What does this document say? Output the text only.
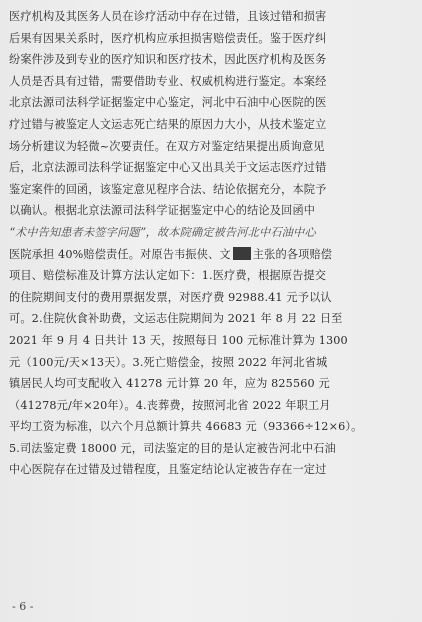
医疗机构及其医务人员在诊疗活动中存在过错，且该过错和损害
后果有因果关系时，医疗机构应承担损害赔偿责任。鉴于医疗纠
纷案件涉及到专业的医疗知识和医疗技术，因此医疗机构及医务
人员是否具有过错，需要借助专业、权威机构进行鉴定。本案经
北京法源司法科学证据鉴定中心鉴定，河北中石油中心医院的医
疗过错与被鉴定人文运志死亡结果的原因力大小，从技术鉴定立
场分析建议为轻微~次要责任。在双方对鉴定结果提出质询意见
后，北京法源司法科学证据鉴定中心又出具关于文运志医疗过错
鉴定案件的回函，该鉴定意见程序合法、结论依据充分，本院予
以确认。根据北京法源司法科学证据鉴定中心的结论及回函中
“术中告知患者未签字问题”，故本院确定被告河北中石油中心
医院承担 40%赔偿责任。对原告韦振侠、文 主张的各项赔偿
项目、赔偿标准及计算方法认定如下：1.医疗费，根据原告提交
的住院期间支付的费用票据发票，对医疗费 92988.41 元予以认
可。2.住院伙食补助费，文运志住院期间为 2021 年 8 月 22 日至
2021 年 9 月 4 日共计 13 天，按照每日 100 元标准计算为 1300
元（100元/天×13天）。3.死亡赔偿金，按照 2022 年河北省城
镇居民人均可支配收入 41278 元计算 20 年，应为 825560 元
（41278元/年×20年）。4.丧葬费，按照河北省 2022 年职工月
平均工资为标准，以六个月总额计算共 46683 元（93366÷12×6）。
5.司法鉴定费 18000 元，司法鉴定的目的是认定被告河北中石油
中心医院存在过错及过错程度，且鉴定结论认定被告存在一定过
- 6 -
